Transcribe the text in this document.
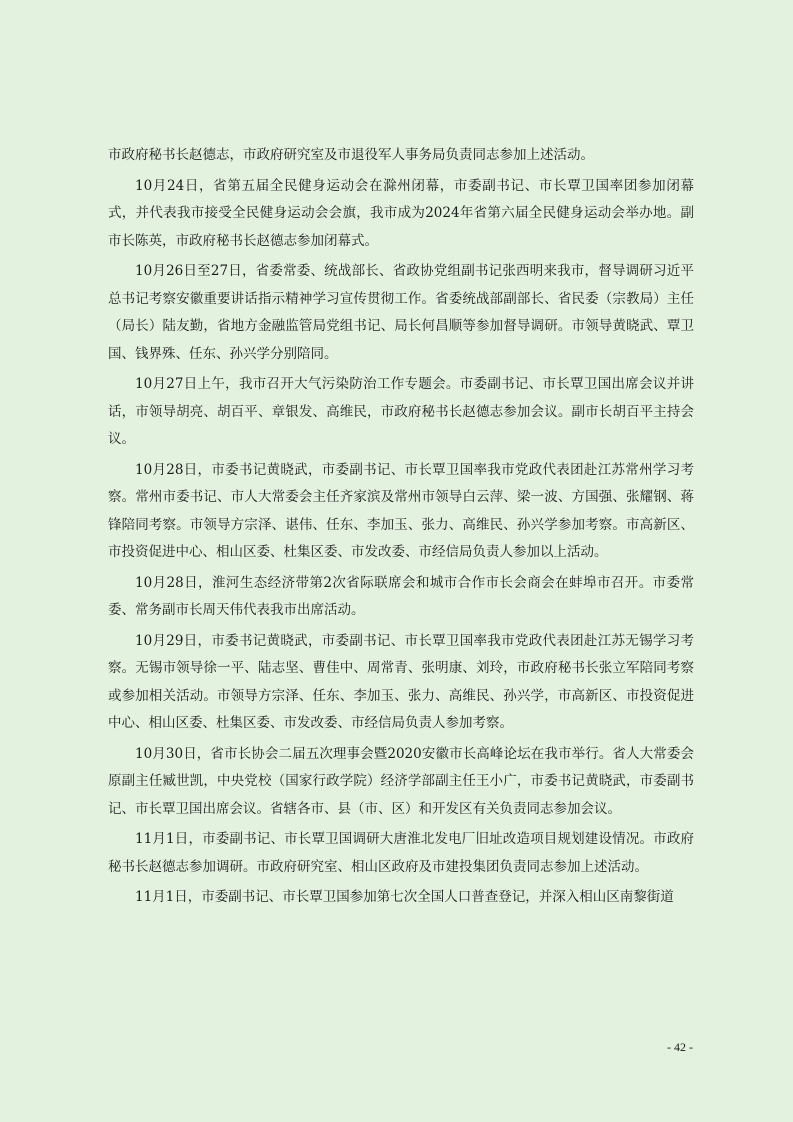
市政府秘书长赵德志，市政府研究室及市退役军人事务局负责同志参加上述活动。

10月24日，省第五届全民健身运动会在滁州闭幕，市委副书记、市长覃卫国率团参加闭幕式，并代表我市接受全民健身运动会会旗，我市成为2024年省第六届全民健身运动会举办地。副市长陈英，市政府秘书长赵德志参加闭幕式。

10月26日至27日，省委常委、统战部长、省政协党组副书记张西明来我市，督导调研习近平总书记考察安徽重要讲话指示精神学习宣传贯彻工作。省委统战部副部长、省民委（宗教局）主任（局长）陆友勤，省地方金融监管局党组书记、局长何昌顺等参加督导调研。市领导黄晓武、覃卫国、钱界殊、任东、孙兴学分别陪同。

10月27日上午，我市召开大气污染防治工作专题会。市委副书记、市长覃卫国出席会议并讲话，市领导胡亮、胡百平、章银发、高维民，市政府秘书长赵德志参加会议。副市长胡百平主持会议。

10月28日，市委书记黄晓武，市委副书记、市长覃卫国率我市党政代表团赴江苏常州学习考察。常州市委书记、市人大常委会主任齐家滨及常州市领导白云萍、梁一波、方国强、张耀钢、蒋锋陪同考察。市领导方宗泽、谌伟、任东、李加玉、张力、高维民、孙兴学参加考察。市高新区、市投资促进中心、相山区委、杜集区委、市发改委、市经信局负责人参加以上活动。

10月28日，淮河生态经济带第2次省际联席会和城市合作市长会商会在蚌埠市召开。市委常委、常务副市长周天伟代表我市出席活动。

10月29日，市委书记黄晓武，市委副书记、市长覃卫国率我市党政代表团赴江苏无锡学习考察。无锡市领导徐一平、陆志坚、曹佳中、周常青、张明康、刘玲，市政府秘书长张立军陪同考察或参加相关活动。市领导方宗泽、任东、李加玉、张力、高维民、孙兴学，市高新区、市投资促进中心、相山区委、杜集区委、市发改委、市经信局负责人参加考察。

10月30日，省市长协会二届五次理事会暨2020安徽市长高峰论坛在我市举行。省人大常委会原副主任臧世凯，中央党校（国家行政学院）经济学部副主任王小广，市委书记黄晓武，市委副书记、市长覃卫国出席会议。省辖各市、县（市、区）和开发区有关负责同志参加会议。

11月1日，市委副书记、市长覃卫国调研大唐淮北发电厂旧址改造项目规划建设情况。市政府秘书长赵德志参加调研。市政府研究室、相山区政府及市建投集团负责同志参加上述活动。

11月1日，市委副书记、市长覃卫国参加第七次全国人口普查登记，并深入相山区南黎街道

- 42 -
